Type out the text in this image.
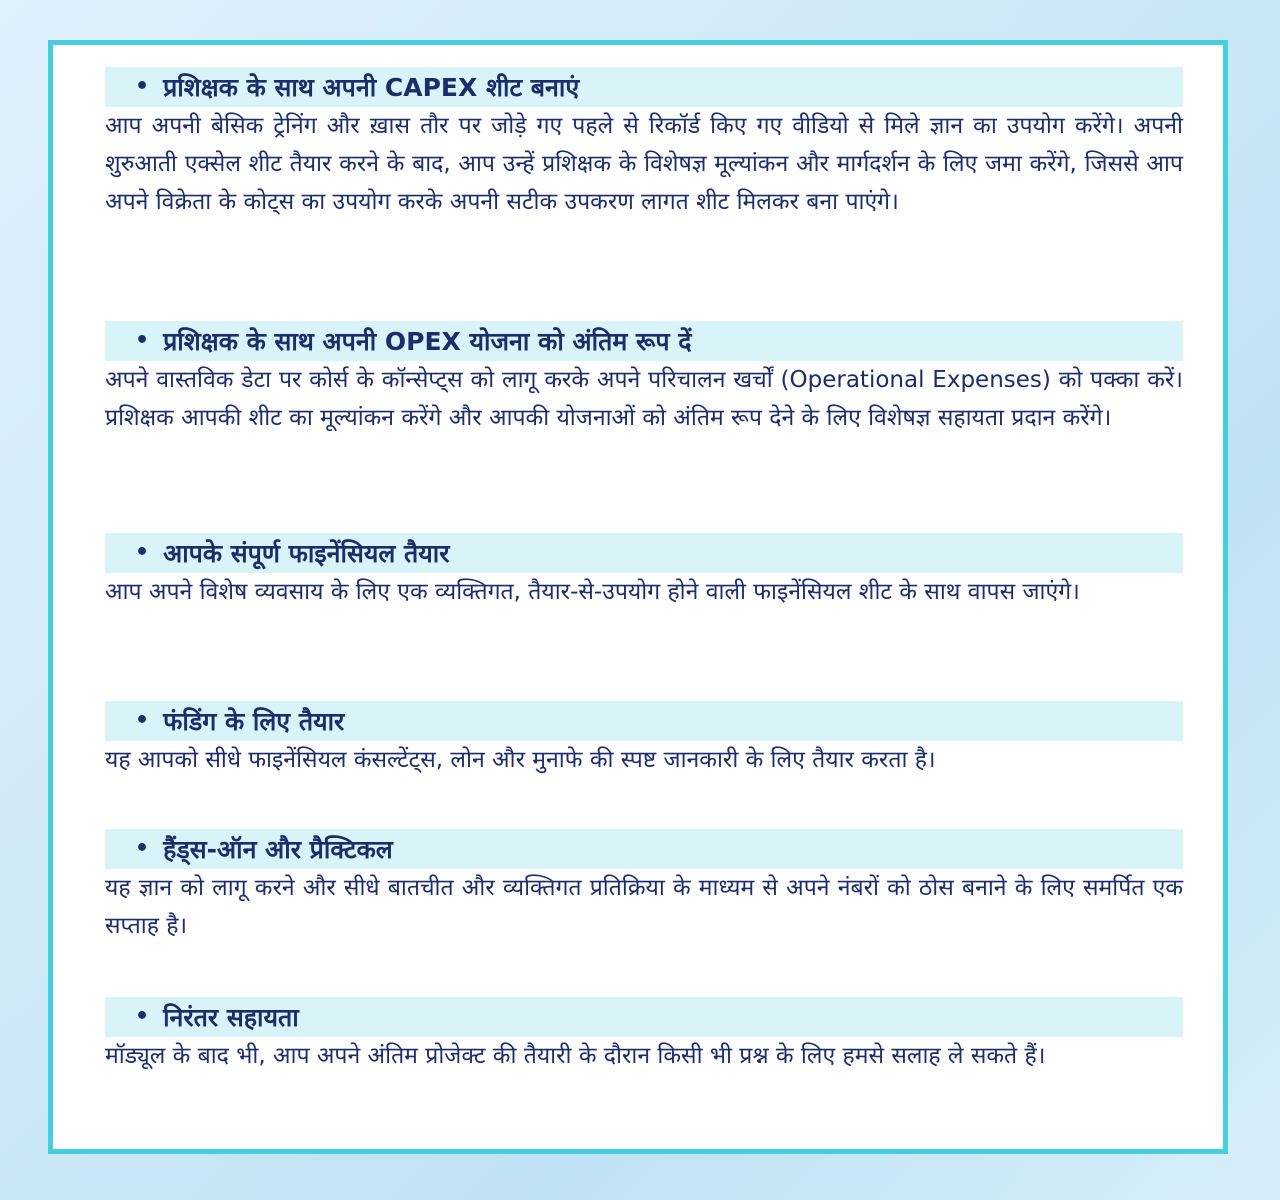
• प्रशिक्षक के साथ अपनी CAPEX शीट बनाएं

आप अपनी बेसिक ट्रेनिंग और ख़ास तौर पर जोड़े गए पहले से रिकॉर्ड किए गए वीडियो से मिले ज्ञान का उपयोग करेंगे। अपनी शुरुआती एक्सेल शीट तैयार करने के बाद, आप उन्हें प्रशिक्षक के विशेषज्ञ मूल्यांकन और मार्गदर्शन के लिए जमा करेंगे, जिससे आप अपने विक्रेता के कोट्स का उपयोग करके अपनी सटीक उपकरण लागत शीट मिलकर बना पाएंगे।

• प्रशिक्षक के साथ अपनी OPEX योजना को अंतिम रूप दें

अपने वास्तविक डेटा पर कोर्स के कॉन्सेप्ट्स को लागू करके अपने परिचालन खर्चों (Operational Expenses) को पक्का करें। प्रशिक्षक आपकी शीट का मूल्यांकन करेंगे और आपकी योजनाओं को अंतिम रूप देने के लिए विशेषज्ञ सहायता प्रदान करेंगे।

• आपके संपूर्ण फाइनेंसियल तैयार

आप अपने विशेष व्यवसाय के लिए एक व्यक्तिगत, तैयार-से-उपयोग होने वाली फाइनेंसियल शीट के साथ वापस जाएंगे।

• फंडिंग के लिए तैयार

यह आपको सीधे फाइनेंसियल कंसल्टेंट्स, लोन और मुनाफे की स्पष्ट जानकारी के लिए तैयार करता है।

• हैंड्स-ऑन और प्रैक्टिकल

यह ज्ञान को लागू करने और सीधे बातचीत और व्यक्तिगत प्रतिक्रिया के माध्यम से अपने नंबरों को ठोस बनाने के लिए समर्पित एक सप्ताह है।

• निरंतर सहायता

मॉड्यूल के बाद भी, आप अपने अंतिम प्रोजेक्ट की तैयारी के दौरान किसी भी प्रश्न के लिए हमसे सलाह ले सकते हैं।
